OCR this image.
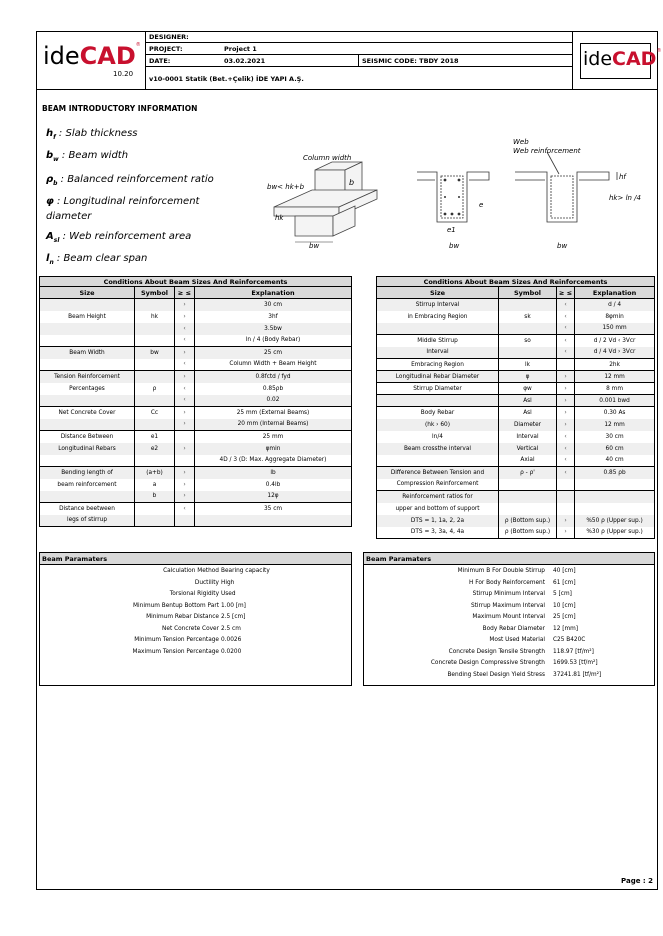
ideCAD®
10.20
DESIGNER:
PROJECT:	Project 1
DATE:	03.02.2021	SEISMIC CODE: TBDY 2018
v10-0001 Statik (Bet.+Çelik) İDE YAPI A.Ş.
ideCAD®
BEAM INTRODUCTORY INFORMATION
$h_f$ : Slab thickness
$b_w$ : Beam width
$\rho_b$ : Balanced reinforcement ratio
φ : Longitudinal reinforcement diameter
$A_{sl}$ : Web reinforcement area
$l_n$ : Beam clear span
Column width
b
bw< hk+b
hk
bw
e
e1
bw
Web
Web reinforcement
hf
hk> ln /4
bw
Conditions About Beam Sizes And Reinforcements			
Size	Symbol	≥ ≤	Explanation
		›	30 cm
Beam Height	hk	›	3hf
		‹	3.5bw
		‹	ln / 4 (Body Rebar)
Beam Width	bw	›	25 cm
		‹	Column Width + Beam Height
Tension Reinforcement		›	0.8fctd / fyd
Percentages	ρ	‹	0.85ρb
		‹	0.02
Net Concrete Cover	Cc	›	25 mm (External Beams)
		›	20 mm (Internal Beams)
Distance Between	e1		25 mm
Longitudinal Rebars	e2	›	φmin
			4D / 3 (D: Max. Aggregate Diameter)
Bending length of	(a+b)	›	lb
beam reinforcement	a	›	0.4lb
	b	›	12φ
Distance beetween		‹	35 cm
legs of stirrup			
Conditions About Beam Sizes And Reinforcements			
Size	Symbol	≥ ≤	Explanation
Stirrup Interval		‹	d / 4
in Embracing Region	sk	‹	8φmin
		‹	150 mm
Middle Stirrup	so	‹	d / 2 Vd ‹ 3Vcr
Interval		‹	d / 4 Vd › 3Vcr
Embracing Region	lk		2hk
Longitudinal Rebar Diameter	φ	›	12 mm
Stirrup Diameter	φw	›	8 mm
	Asl	›	0.001 bwd
Body Rebar	Asl	›	0.30 As
(hk › 60)	Diameter	›	12 mm
ln/4	Interval	‹	30 cm
Beam crossthe interval	Vertical	‹	60 cm
	Axial	‹	40 cm
Difference Between Tension and	ρ - ρ'	‹	0.85 ρb
Compression Reinforcement			
Reinforcement ratios for			
upper and bottom of support			
DTS = 1, 1a, 2, 2a	ρ (Bottom sup.)	›	%50 ρ (Upper sup.)
DTS = 3, 3a, 4, 4a	ρ (Bottom sup.)	›	%30 ρ (Upper sup.)
Beam Paramaters
Calculation Method Bearing capacity
Ductility High
Torsional Rigidity Used
Minimum Bentup Bottom Part 1.00 [m]
Minimum Rebar Distance 2.5 [cm]
Net Concrete Cover 2.5 cm
Minimum Tension Percentage 0.0026
Maximum Tension Percentage 0.0200
Beam Paramaters
Minimum B For Double Stirrup 40 [cm]
H For Body Reinforcement 61 [cm]
Stirrup Minimum Interval 5 [cm]
Stirrup Maximum Interval 10 [cm]
Maximum Mount Interval 25 [cm]
Body Rebar Diameter 12 [mm]
Most Used Material C25 B420C
Concrete Design Tensile Strength 118.97 [tf/m²]
Concrete Design Compressive Strength 1699.53 [tf/m²]
Bending Steel Design Yield Stress 37241.81 [tf/m²]
Page : 2
